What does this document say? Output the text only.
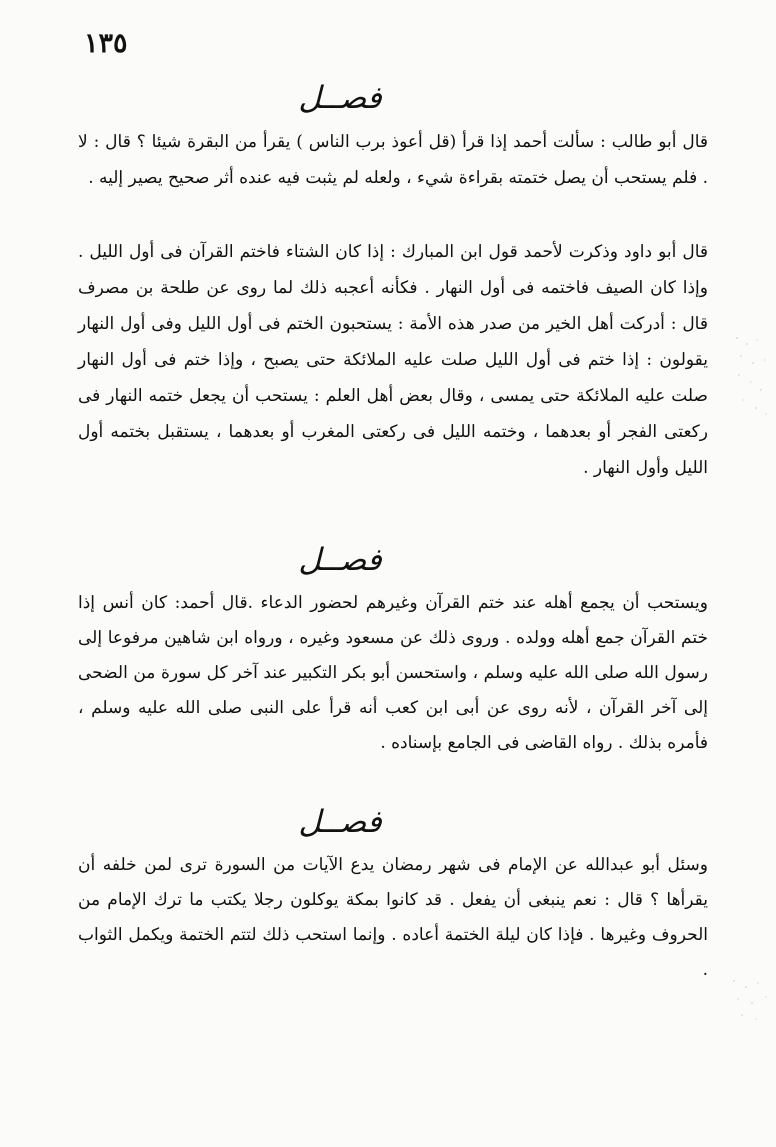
١٣٥
فصــل

قال أبو طالب : سألت أحمد إذا قرأ (قل أعوذ برب الناس ) يقرأ من البقرة شيئا ؟ قال : لا . فلم يستحب أن يصل ختمته بقراءة شيء ، ولعله لم يثبت فيه عنده أثر صحيح يصير إليه .

قال أبو داود وذكرت لأحمد قول ابن المبارك : إذا كان الشتاء فاختم القرآن فى أول الليل . وإذا كان الصيف فاختمه فى أول النهار . فكأنه أعجبه ذلك لما روى عن طلحة بن مصرف قال : أدركت أهل الخير من صدر هذه الأمة : يستحبون الختم فى أول الليل وفى أول النهار يقولون : إذا ختم فى أول الليل صلت عليه الملائكة حتى يصبح ، وإذا ختم فى أول النهار صلت عليه الملائكة حتى يمسى ، وقال بعض أهل العلم : يستحب أن يجعل ختمه النهار فى ركعتى الفجر أو بعدهما ، وختمه الليل فى ركعتى المغرب أو بعدهما ، يستقبل بختمه أول الليل وأول النهار .

فصــل

ويستحب أن يجمع أهله عند ختم القرآن وغيرهم لحضور الدعاء .قال أحمد: كان أنس إذا ختم القرآن جمع أهله وولده . وروى ذلك عن مسعود وغيره ، ورواه ابن شاهين مرفوعا إلى رسول الله صلى الله عليه وسلم ، واستحسن أبو بكر التكبير عند آخر كل سورة من الضحى إلى آخر القرآن ، لأنه روى عن أبى ابن كعب أنه قرأ على النبى صلى الله عليه وسلم ، فأمره بذلك . رواه القاضى فى الجامع بإسناده .

فصــل

وسئل أبو عبدالله عن الإمام فى شهر رمضان يدع الآيات من السورة ترى لمن خلفه أن يقرأها ؟ قال : نعم ينبغى أن يفعل . قد كانوا بمكة يوكلون رجلا يكتب ما ترك الإمام من الحروف وغيرها . فإذا كان ليلة الختمة أعاده . وإنما استحب ذلك لتتم الختمة ويكمل الثواب .
